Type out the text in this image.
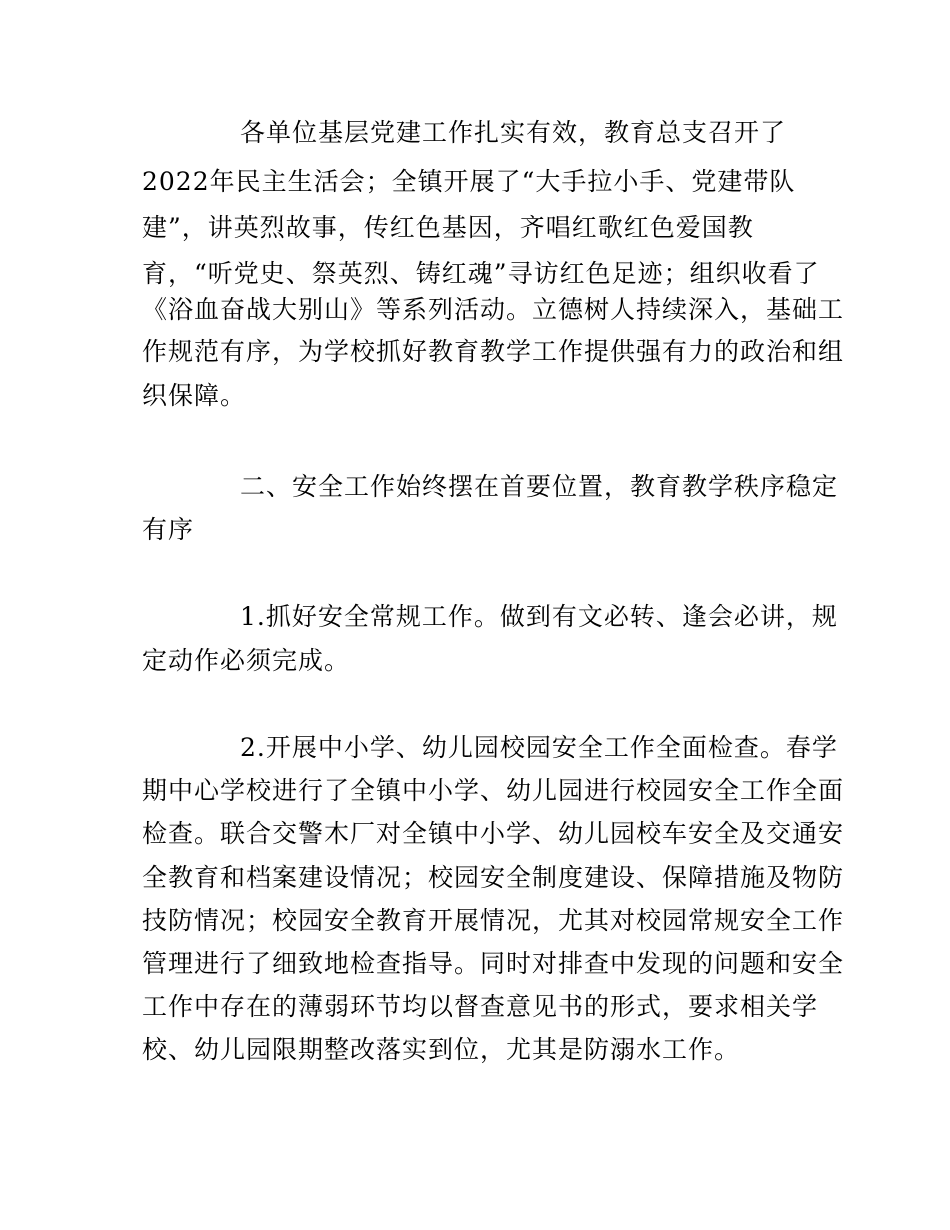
各单位基层党建工作扎实有效，教育总支召开了
2022年民主生活会；全镇开展了“大手拉小手、党建带队
建”，讲英烈故事，传红色基因，齐唱红歌红色爱国教
育，“听党史、祭英烈、铸红魂”寻访红色足迹；组织收看了
《浴血奋战大别山》等系列活动。立德树人持续深入，基础工
作规范有序，为学校抓好教育教学工作提供强有力的政治和组
织保障。
二、安全工作始终摆在首要位置，教育教学秩序稳定
有序
1.抓好安全常规工作。做到有文必转、逢会必讲，规
定动作必须完成。
2.开展中小学、幼儿园校园安全工作全面检查。春学
期中心学校进行了全镇中小学、幼儿园进行校园安全工作全面
检查。联合交警木厂对全镇中小学、幼儿园校车安全及交通安
全教育和档案建设情况；校园安全制度建设、保障措施及物防
技防情况；校园安全教育开展情况，尤其对校园常规安全工作
管理进行了细致地检查指导。同时对排查中发现的问题和安全
工作中存在的薄弱环节均以督查意见书的形式，要求相关学
校、幼儿园限期整改落实到位，尤其是防溺水工作。
